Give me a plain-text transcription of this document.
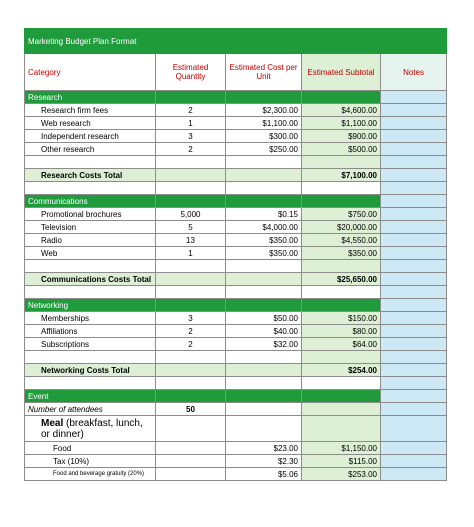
Marketing Budget Plan Format				
Category	Estimated Quantity	Estimated Cost per Unit	Estimated Subtotal	Notes
Research				
Research firm fees	2	$2,300.00	$4,600.00	
Web research	1	$1,100.00	$1,100.00	
Independent research	3	$300.00	$900.00	
Other research	2	$250.00	$500.00	

Research Costs Total			$7,100.00	

Communications				
Promotional brochures	5,000	$0.15	$750.00	
Television	5	$4,000.00	$20,000.00	
Radio	13	$350.00	$4,550.00	
Web	1	$350.00	$350.00	

Communications Costs Total			$25,650.00	

Networking				
Memberships	3	$50.00	$150.00	
Affiliations	2	$40.00	$80.00	
Subscriptions	2	$32.00	$64.00	

Networking Costs Total			$254.00	

Event				
Number of attendees	50			
Meal (breakfast, lunch, or dinner)				
Food		$23.00	$1,150.00	
Tax (10%)		$2.30	$115.00	
Food and beverage gratuity (20%)		$5.06	$253.00	
